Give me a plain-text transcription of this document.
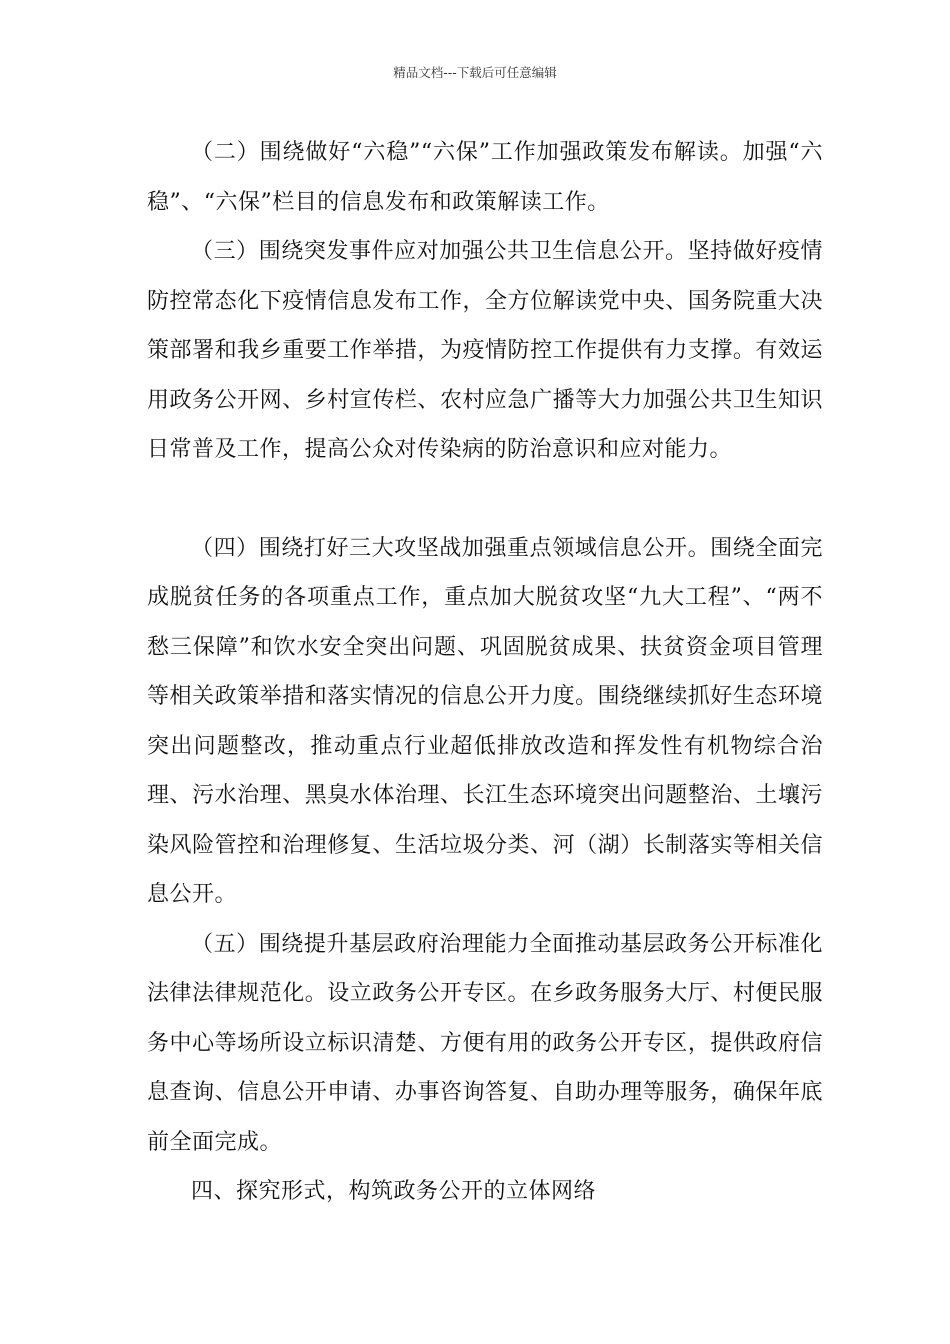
精品文档---下载后可任意编辑

（二）围绕做好“六稳”“六保”工作加强政策发布解读。加强“六稳”、“六保”栏目的信息发布和政策解读工作。

（三）围绕突发事件应对加强公共卫生信息公开。坚持做好疫情防控常态化下疫情信息发布工作，全方位解读党中央、国务院重大决策部署和我乡重要工作举措，为疫情防控工作提供有力支撑。有效运用政务公开网、乡村宣传栏、农村应急广播等大力加强公共卫生知识日常普及工作，提高公众对传染病的防治意识和应对能力。

（四）围绕打好三大攻坚战加强重点领域信息公开。围绕全面完成脱贫任务的各项重点工作，重点加大脱贫攻坚“九大工程”、“两不愁三保障”和饮水安全突出问题、巩固脱贫成果、扶贫资金项目管理等相关政策举措和落实情况的信息公开力度。围绕继续抓好生态环境突出问题整改，推动重点行业超低排放改造和挥发性有机物综合治理、污水治理、黑臭水体治理、长江生态环境突出问题整治、土壤污染风险管控和治理修复、生活垃圾分类、河（湖）长制落实等相关信息公开。

（五）围绕提升基层政府治理能力全面推动基层政务公开标准化法律法律规范化。设立政务公开专区。在乡政务服务大厅、村便民服务中心等场所设立标识清楚、方便有用的政务公开专区，提供政府信息查询、信息公开申请、办事咨询答复、自助办理等服务，确保年底前全面完成。

四、探究形式，构筑政务公开的立体网络
